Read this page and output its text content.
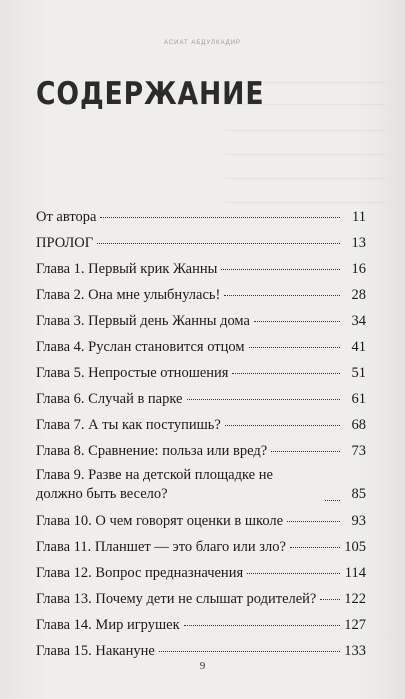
АСИАТ АБДУЛКАДИР
СОДЕРЖАНИЕ
От автора	11
ПРОЛОГ	13
Глава 1. Первый крик Жанны	16
Глава 2. Она мне улыбнулась!	28
Глава 3. Первый день Жанны дома	34
Глава 4. Руслан становится отцом	41
Глава 5. Непростые отношения	51
Глава 6. Случай в парке	61
Глава 7. А ты как поступишь?	68
Глава 8. Сравнение: польза или вред?	73
Глава 9. Разве на детской площадке не должно быть весело?	85
Глава 10. О чем говорят оценки в школе	93
Глава 11. Планшет — это благо или зло?	105
Глава 12. Вопрос предназначения	114
Глава 13. Почему дети не слышат родителей? 122
Глава 14. Мир игрушек	127
Глава 15. Накануне	133
9
